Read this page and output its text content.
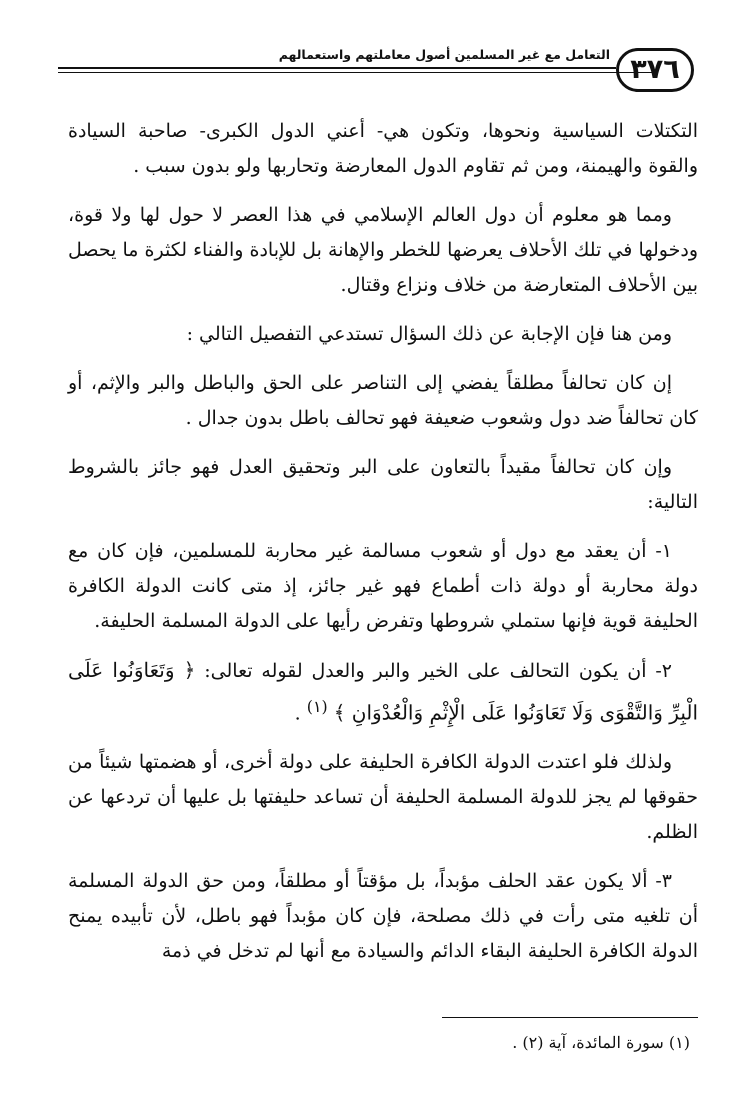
٣٧٦
التعامل مع غير المسلمين أصول معاملتهم واستعمالهم

التكتلات السياسية ونحوها، وتكون هي- أعني الدول الكبرى- صاحبة السيادة والقوة والهيمنة، ومن ثم تقاوم الدول المعارضة وتحاربها ولو بدون سبب .

ومما هو معلوم أن دول العالم الإسلامي في هذا العصر لا حول لها ولا قوة، ودخولها في تلك الأحلاف يعرضها للخطر والإهانة بل للإبادة والفناء لكثرة ما يحصل بين الأحلاف المتعارضة من خلاف ونزاع وقتال.

ومن هنا فإن الإجابة عن ذلك السؤال تستدعي التفصيل التالي :

إن كان تحالفاً مطلقاً يفضي إلى التناصر على الحق والباطل والبر والإثم، أو كان تحالفاً ضد دول وشعوب ضعيفة فهو تحالف باطل بدون جدال .

وإن كان تحالفاً مقيداً بالتعاون على البر وتحقيق العدل فهو جائز بالشروط التالية:

١- أن يعقد مع دول أو شعوب مسالمة غير محاربة للمسلمين، فإن كان مع دولة محاربة أو دولة ذات أطماع فهو غير جائز، إذ متى كانت الدولة الكافرة الحليفة قوية فإنها ستملي شروطها وتفرض رأيها على الدولة المسلمة الحليفة.

٢- أن يكون التحالف على الخير والبر والعدل لقوله تعالى: ﴿ وَتَعَاوَنُوا عَلَى الْبِرِّ وَالتَّقْوَى وَلَا تَعَاوَنُوا عَلَى الْإِثْمِ وَالْعُدْوَانِ ﴾ $^{(١)}$ .

ولذلك فلو اعتدت الدولة الكافرة الحليفة على دولة أخرى، أو هضمتها شيئاً من حقوقها لم يجز للدولة المسلمة الحليفة أن تساعد حليفتها بل عليها أن تردعها عن الظلم.

٣- ألا يكون عقد الحلف مؤبداً، بل مؤقتاً أو مطلقاً، ومن حق الدولة المسلمة أن تلغيه متى رأت في ذلك مصلحة، فإن كان مؤبداً فهو باطل، لأن تأبيده يمنح الدولة الكافرة الحليفة البقاء الدائم والسيادة مع أنها لم تدخل في ذمة

(١) سورة المائدة، آية (٢) .
